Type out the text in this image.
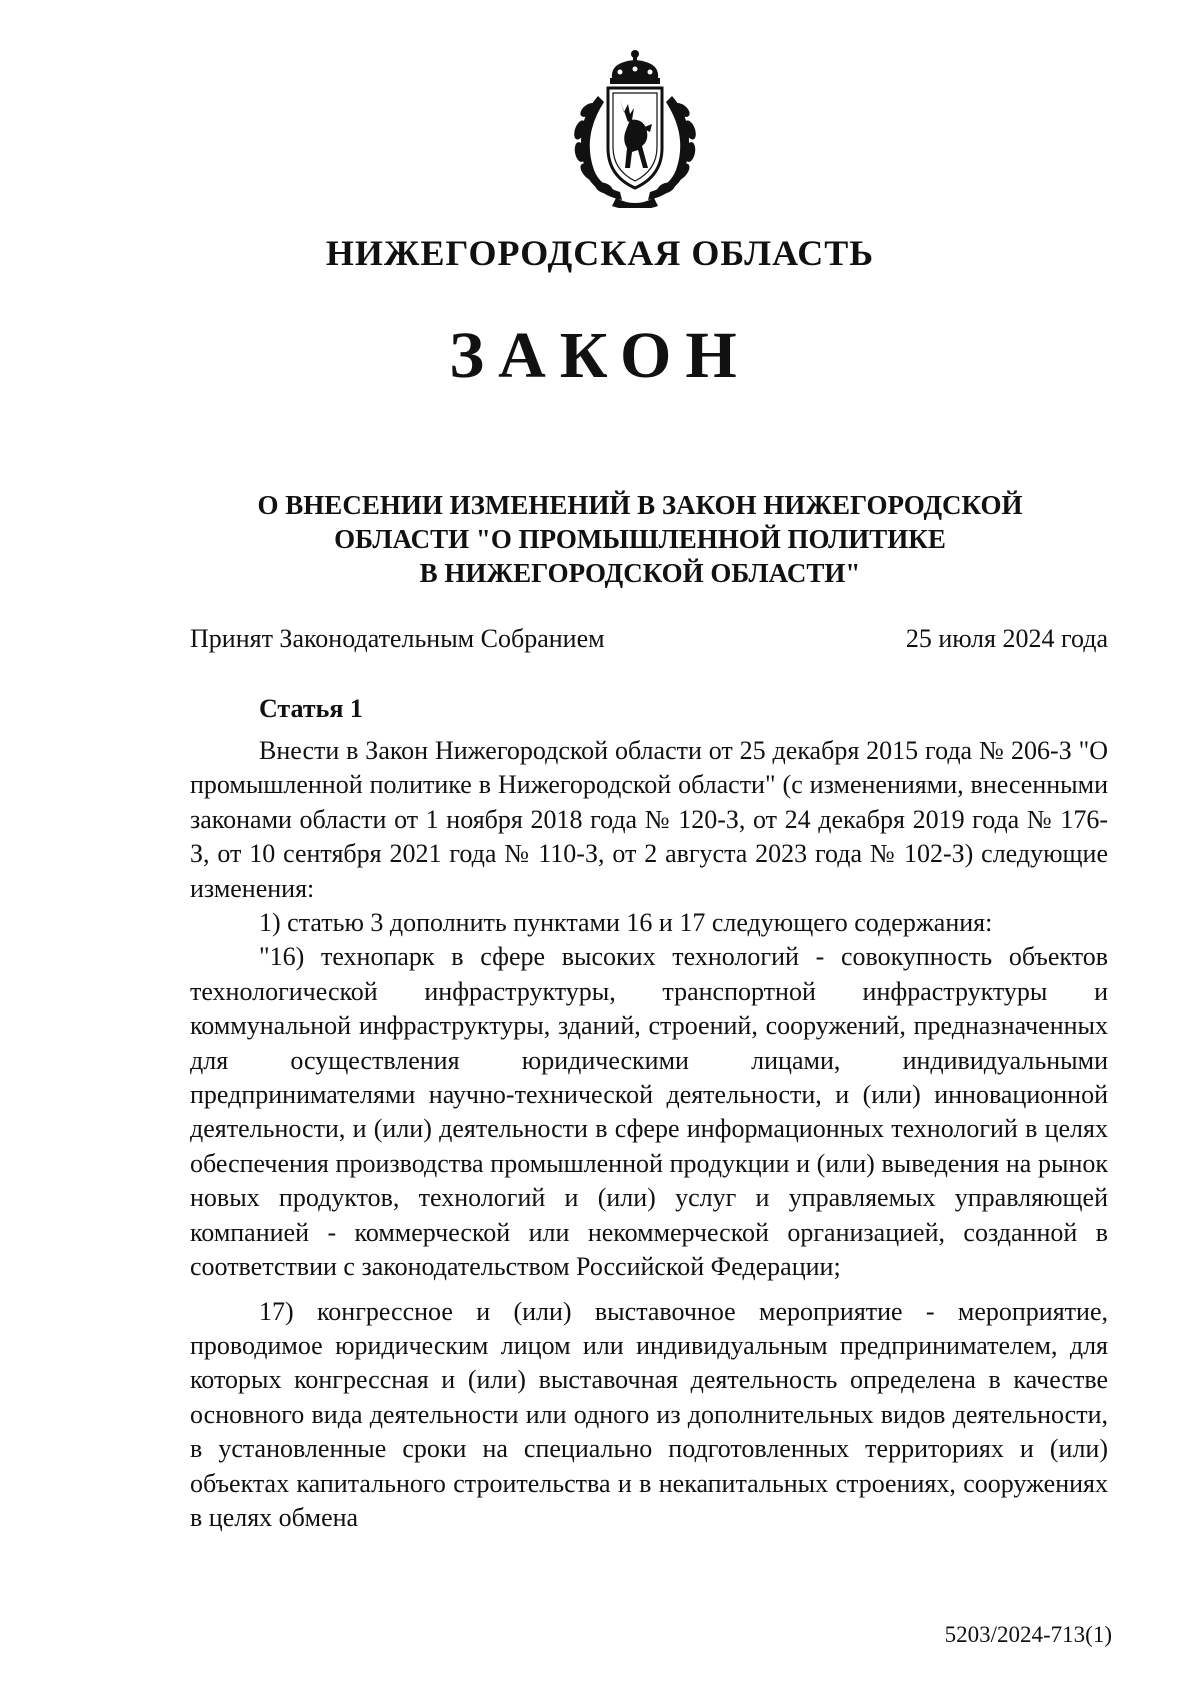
НИЖЕГОРОДСКАЯ ОБЛАСТЬ
ЗАКОН
О ВНЕСЕНИИ ИЗМЕНЕНИЙ В ЗАКОН НИЖЕГОРОДСКОЙ
ОБЛАСТИ "О ПРОМЫШЛЕННОЙ ПОЛИТИКЕ
В НИЖЕГОРОДСКОЙ ОБЛАСТИ"
Принят Законодательным Собранием	25 июля 2024 года
Статья 1

Внести в Закон Нижегородской области от 25 декабря 2015 года № 206-З "О промышленной политике в Нижегородской области" (с изменениями, внесенными законами области от 1 ноября 2018 года № 120-З, от 24 декабря 2019 года № 176-З, от 10 сентября 2021 года № 110-З, от 2 августа 2023 года № 102-З) следующие изменения:

1) статью 3 дополнить пунктами 16 и 17 следующего содержания:

"16) технопарк в сфере высоких технологий - совокупность объектов технологической инфраструктуры, транспортной инфраструктуры и коммунальной инфраструктуры, зданий, строений, сооружений, предназначенных для осуществления юридическими лицами, индивидуальными предпринимателями научно-технической деятельности, и (или) инновационной деятельности, и (или) деятельности в сфере информационных технологий в целях обеспечения производства промышленной продукции и (или) выведения на рынок новых продуктов, технологий и (или) услуг и управляемых управляющей компанией - коммерческой или некоммерческой организацией, созданной в соответствии с законодательством Российской Федерации;

17) конгрессное и (или) выставочное мероприятие - мероприятие, проводимое юридическим лицом или индивидуальным предпринимателем, для которых конгрессная и (или) выставочная деятельность определена в качестве основного вида деятельности или одного из дополнительных видов деятельности, в установленные сроки на специально подготовленных территориях и (или) объектах капитального строительства и в некапитальных строениях, сооружениях в целях обмена

5203/2024-713(1)
